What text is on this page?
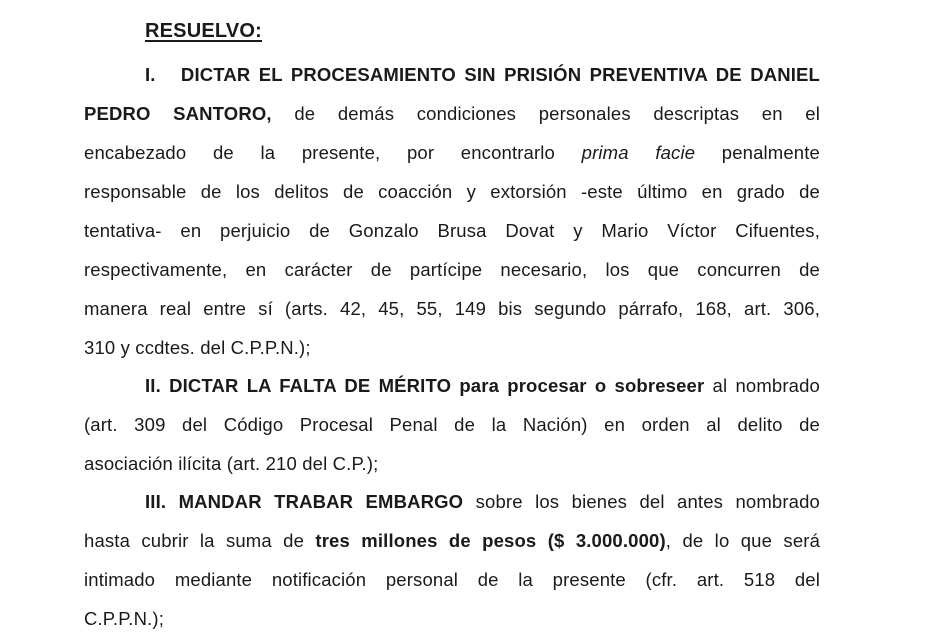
RESUELVO:
I.   DICTAR EL PROCESAMIENTO SIN PRISIÓN PREVENTIVA DE DANIEL
PEDRO SANTORO, de demás condiciones personales descriptas en el
encabezado de la presente, por encontrarlo prima facie penalmente
responsable de los delitos de coacción y extorsión -este último en grado de
tentativa- en perjuicio de Gonzalo Brusa Dovat y Mario Víctor Cifuentes,
respectivamente, en carácter de partícipe necesario, los que concurren de
manera real entre sí (arts. 42, 45, 55, 149 bis segundo párrafo, 168, art. 306,
310 y ccdtes. del C.P.P.N.);
II. DICTAR LA FALTA DE MÉRITO para procesar o sobreseer al nombrado
(art. 309 del Código Procesal Penal de la Nación) en orden al delito de
asociación ilícita (art. 210 del C.P.);
III. MANDAR TRABAR EMBARGO sobre los bienes del antes nombrado
hasta cubrir la suma de tres millones de pesos ($ 3.000.000), de lo que será
intimado mediante notificación personal de la presente (cfr. art. 518 del
C.P.P.N.);
